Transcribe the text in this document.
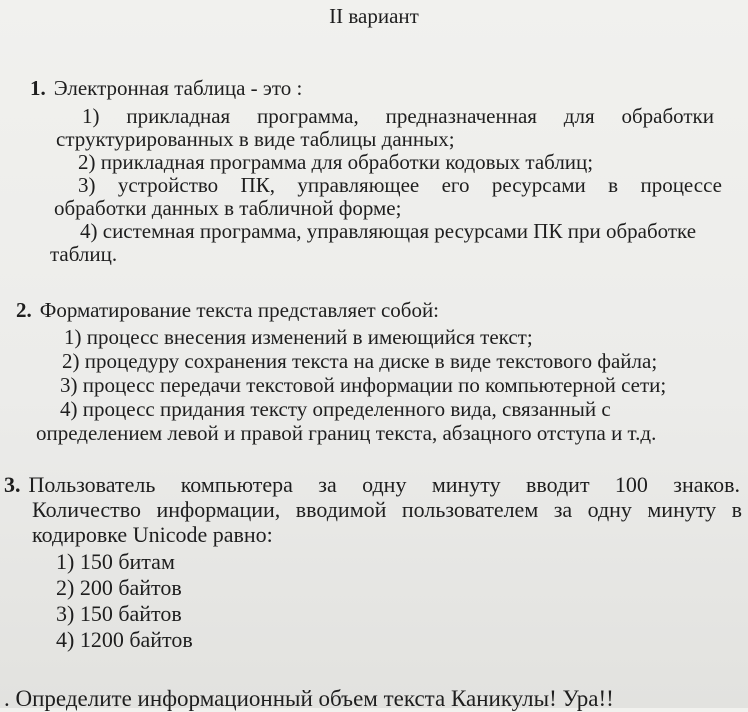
II вариант
1. Электронная таблица - это :
1) прикладная программа, предназначенная для обработки
структурированных в виде таблицы данных;
2) прикладная программа для обработки кодовых таблиц;
3) устройство ПК, управляющее его ресурсами в процессе
обработки данных в табличной форме;
4) системная программа, управляющая ресурсами ПК при обработке
таблиц.
2. Форматирование текста представляет собой:
1) процесс внесения изменений в имеющийся текст;
2) процедуру сохранения текста на диске в виде текстового файла;
3) процесс передачи текстовой информации по компьютерной сети;
4) процесс придания тексту определенного вида, связанный с
определением левой и правой границ текста, абзацного отступа и т.д.
3. Пользователь компьютера за одну минуту вводит 100 знаков.
Количество информации, вводимой пользователем за одну минуту в
кодировке Unicode равно:
1) 150 битам
2) 200 байтов
3) 150 байтов
4) 1200 байтов
. Определите информационный объем текста Каникулы! Ура!!
